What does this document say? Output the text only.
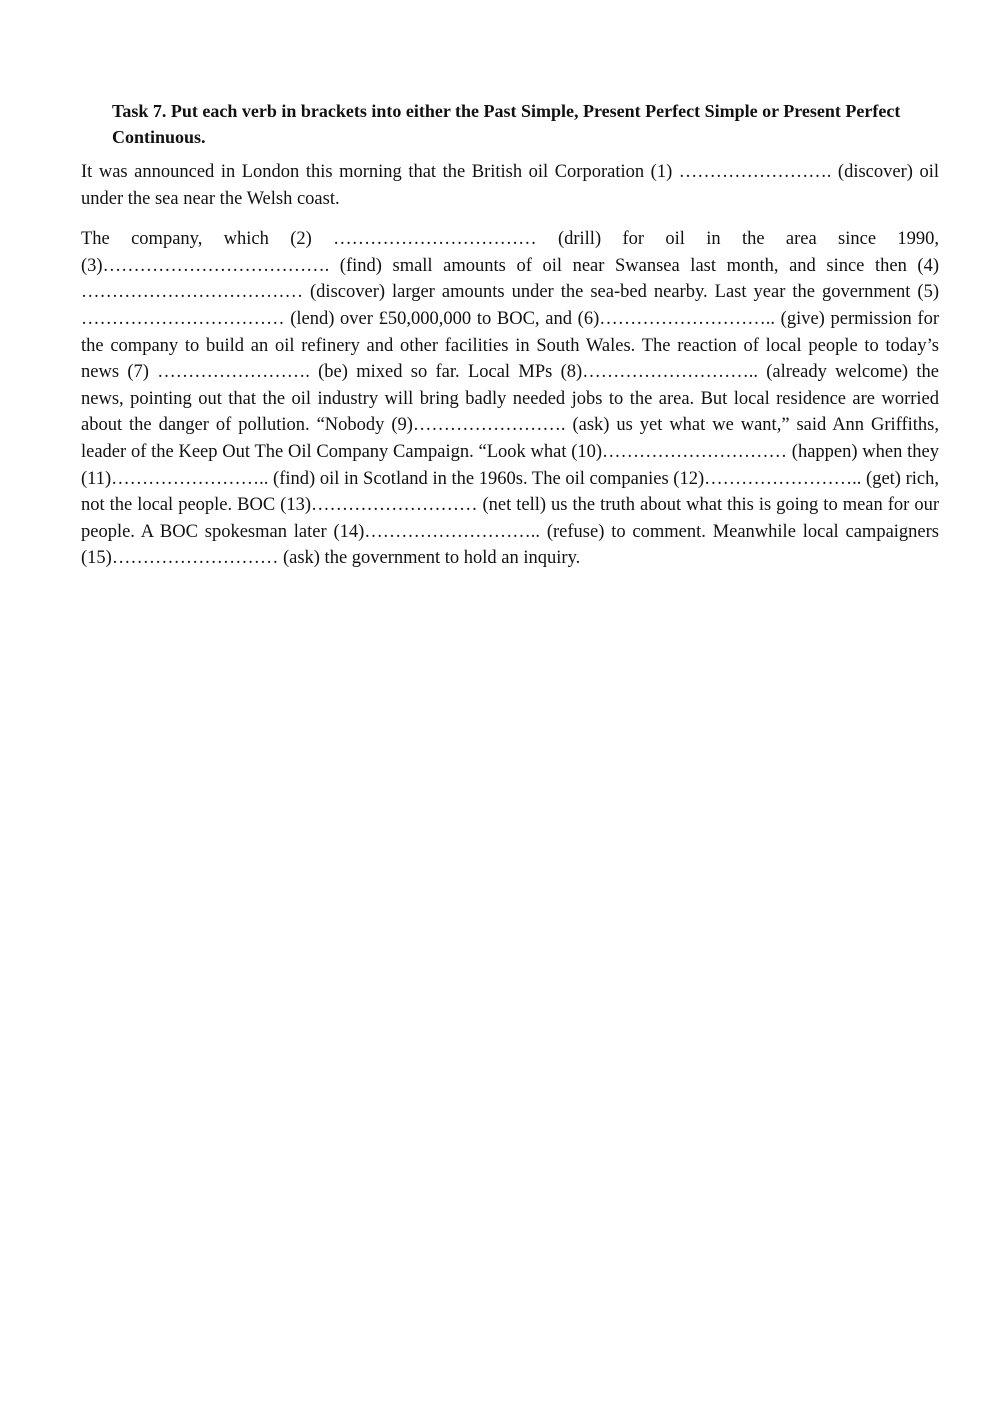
Task 7. Put each verb in brackets into either the Past Simple, Present Perfect Simple or Present Perfect Continuous.

It was announced in London this morning that the British oil Corporation (1) ……………………. (discover) oil under the sea near the Welsh coast.

The company, which (2) …………………………… (drill) for oil in the area since 1990, (3)………………………………. (find) small amounts of oil near Swansea last month, and since then (4) ……………………………… (discover) larger amounts under the sea-bed nearby. Last year the government (5) …………………………… (lend) over £50,000,000 to BOC, and (6)……………………….. (give) permission for the company to build an oil refinery and other facilities in South Wales. The reaction of local people to today’s news (7) ……………………. (be) mixed so far. Local MPs (8)……………………….. (already welcome) the news, pointing out that the oil industry will bring badly needed jobs to the area. But local residence are worried about the danger of pollution. “Nobody (9)……………………. (ask) us yet what we want,” said Ann Griffiths, leader of the Keep Out The Oil Company Campaign. “Look what (10)………………………… (happen) when they (11)…………………….. (find) oil in Scotland in the 1960s. The oil companies (12)…………………….. (get) rich, not the local people. BOC (13)……………………… (net tell) us the truth about what this is going to mean for our people. A BOC spokesman later (14)……………………….. (refuse) to comment. Meanwhile local campaigners (15)……………………… (ask) the government to hold an inquiry.
